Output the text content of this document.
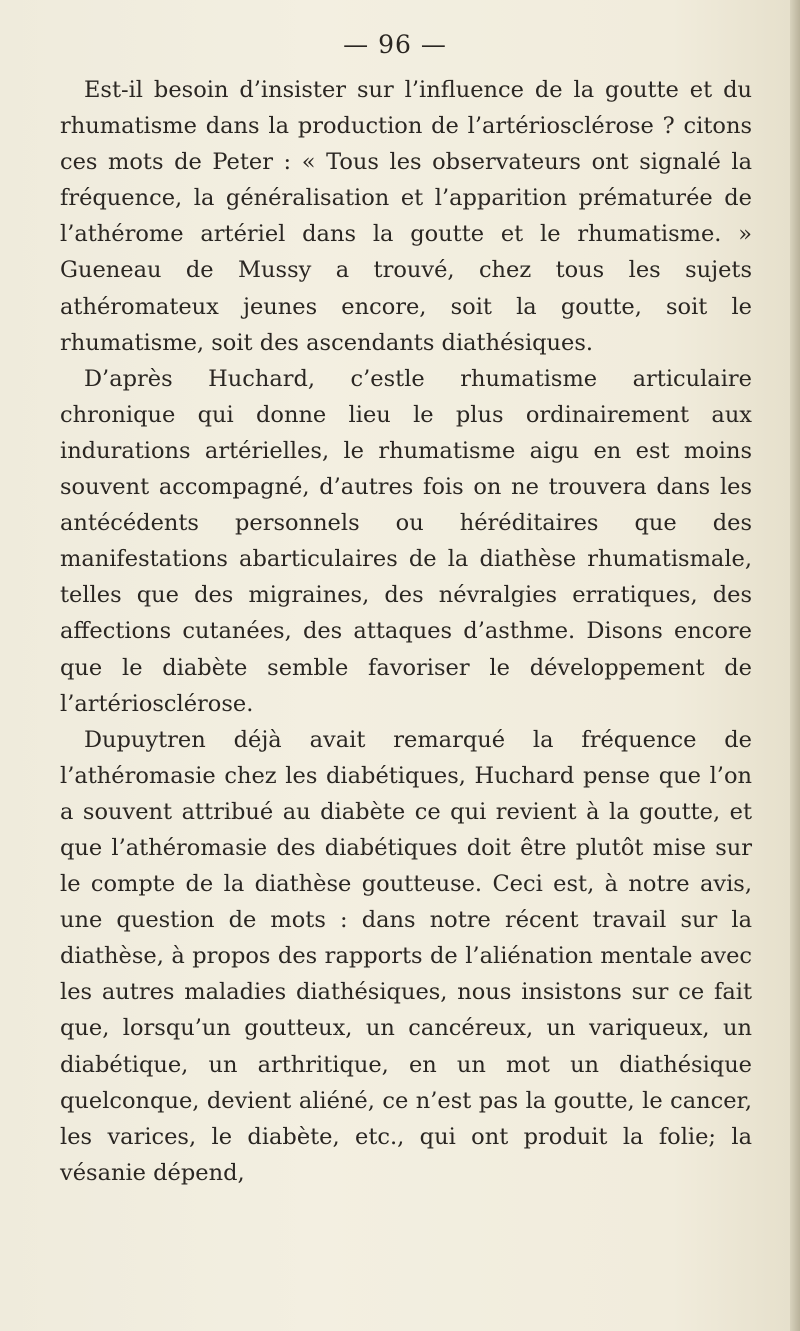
— 96 —

Est-il besoin d’insister sur l’influence de la goutte et du rhumatisme dans la production de l’artériosclérose ? citons ces mots de Peter : « Tous les observateurs ont signalé la fréquence, la généralisation et l’apparition prématurée de l’athérome artériel dans la goutte et le rhumatisme. » Gueneau de Mussy a trouvé, chez tous les sujets athéromateux jeunes encore, soit la goutte, soit le rhumatisme, soit des ascendants diathésiques.

D’après Huchard, c’estle rhumatisme articulaire chronique qui donne lieu le plus ordinairement aux indurations artérielles, le rhumatisme aigu en est moins souvent accompagné, d’autres fois on ne trouvera dans les antécédents personnels ou héréditaires que des manifestations abarticulaires de la diathèse rhumatismale, telles que des migraines, des névralgies erratiques, des affections cutanées, des attaques d’asthme. Disons encore que le diabète semble favoriser le développement de l’artériosclérose.

Dupuytren déjà avait remarqué la fréquence de l’athéromasie chez les diabétiques, Huchard pense que l’on a souvent attribué au diabète ce qui revient à la goutte, et que l’athéromasie des diabétiques doit être plutôt mise sur le compte de la diathèse goutteuse. Ceci est, à notre avis, une question de mots : dans notre récent travail sur la diathèse, à propos des rapports de l’aliénation mentale avec les autres maladies diathésiques, nous insistons sur ce fait que, lorsqu’un goutteux, un cancéreux, un variqueux, un diabétique, un arthritique, en un mot un diathésique quelconque, devient aliéné, ce n’est pas la goutte, le cancer, les varices, le diabète, etc., qui ont produit la folie; la vésanie dépend,
